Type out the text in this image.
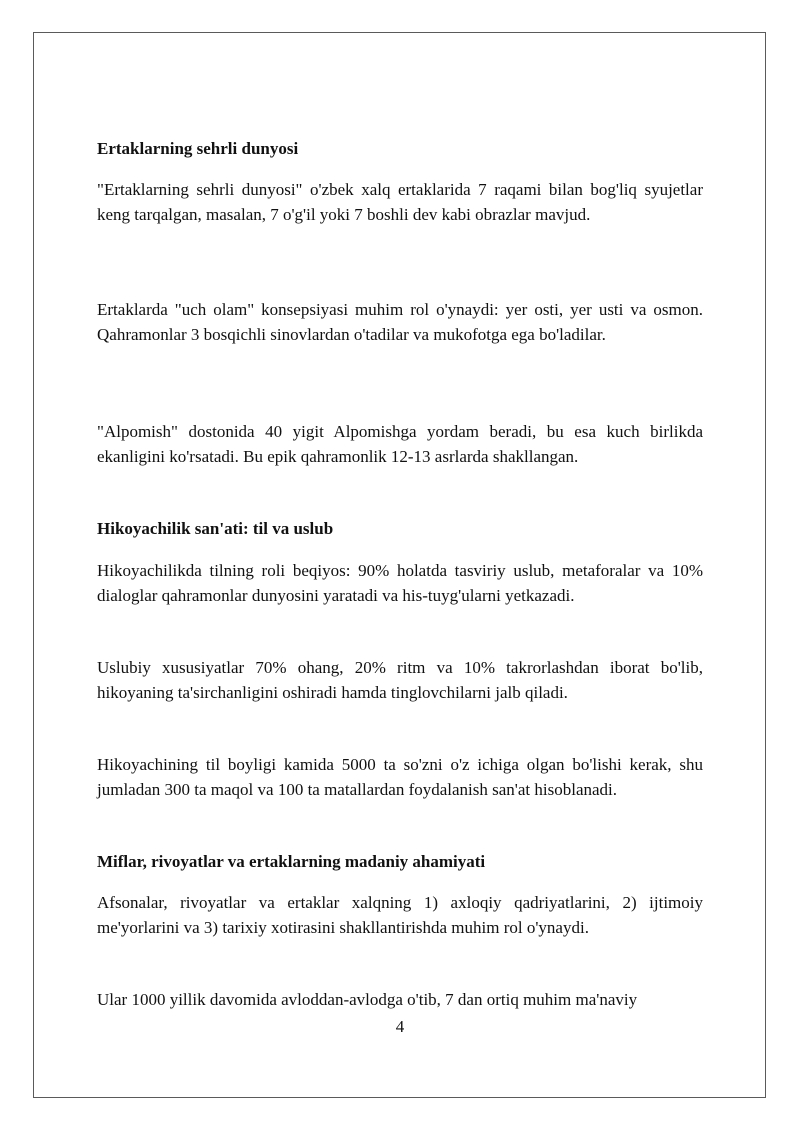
Ertaklarning sehrli dunyosi

"Ertaklarning sehrli dunyosi" o'zbek xalq ertaklarida 7 raqami bilan bog'liq syujetlar keng tarqalgan, masalan, 7 o'g'il yoki 7 boshli dev kabi obrazlar mavjud.

Ertaklarda "uch olam" konsepsiyasi muhim rol o'ynaydi: yer osti, yer usti va osmon. Qahramonlar 3 bosqichli sinovlardan o'tadilar va mukofotga ega bo'ladilar.

"Alpomish" dostonida 40 yigit Alpomishga yordam beradi, bu esa kuch birlikda ekanligini ko'rsatadi. Bu epik qahramonlik 12-13 asrlarda shakllangan.

Hikoyachilik san'ati: til va uslub

Hikoyachilikda tilning roli beqiyos: 90% holatda tasviriy uslub, metaforalar va 10% dialoglar qahramonlar dunyosini yaratadi va his-tuyg'ularni yetkazadi.

Uslubiy xususiyatlar 70% ohang, 20% ritm va 10% takrorlashdan iborat bo'lib, hikoyaning ta'sirchanligini oshiradi hamda tinglovchilarni jalb qiladi.

Hikoyachining til boyligi kamida 5000 ta so'zni o'z ichiga olgan bo'lishi kerak, shu jumladan 300 ta maqol va 100 ta matallardan foydalanish san'at hisoblanadi.

Miflar, rivoyatlar va ertaklarning madaniy ahamiyati

Afsonalar, rivoyatlar va ertaklar xalqning 1) axloqiy qadriyatlarini, 2) ijtimoiy me'yorlarini va 3) tarixiy xotirasini shakllantirishda muhim rol o'ynaydi.

Ular 1000 yillik davomida avloddan-avlodga o'tib, 7 dan ortiq muhim ma'naviy

4
